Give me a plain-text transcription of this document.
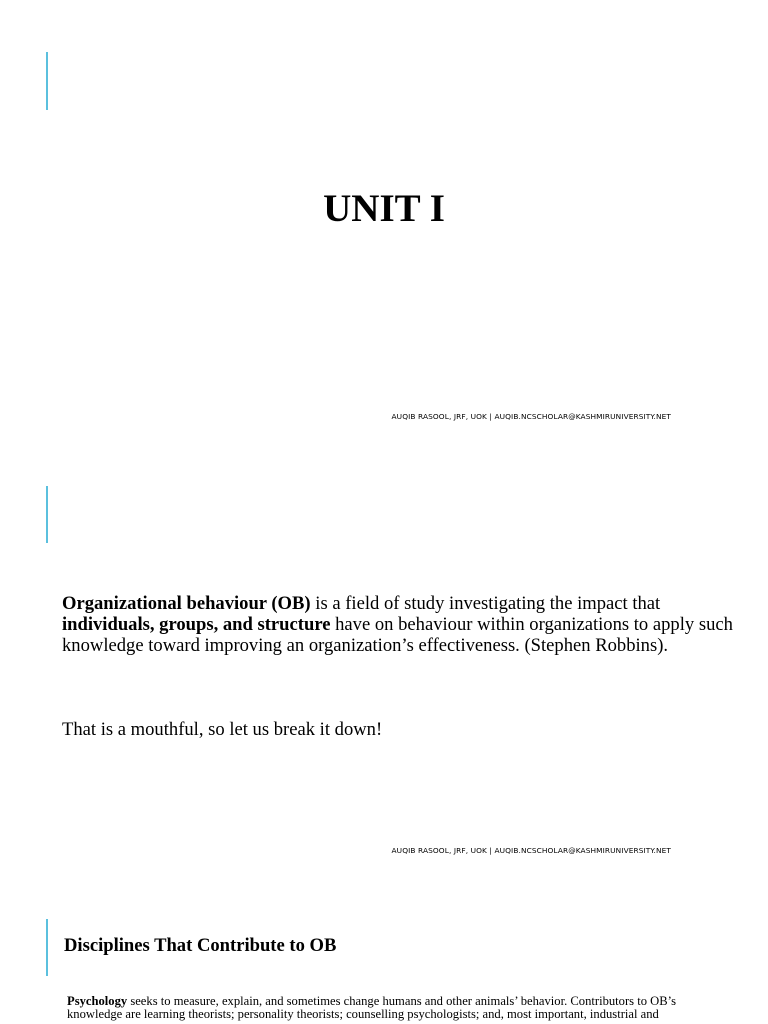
UNIT I
AUQIB RASOOL, JRF, UOK | AUQIB.NCSCHOLAR@KASHMIRUNIVERSITY.NET

Organizational behaviour (OB) is a field of study investigating the impact that individuals, groups, and structure have on behaviour within organizations to apply such knowledge toward improving an organization’s effectiveness. (Stephen Robbins).

That is a mouthful, so let us break it down!

AUQIB RASOOL, JRF, UOK | AUQIB.NCSCHOLAR@KASHMIRUNIVERSITY.NET
Disciplines That Contribute to OB

Psychology seeks to measure, explain, and sometimes change humans and other animals’ behavior. Contributors to OB’s knowledge are learning theorists; personality theorists; counselling psychologists; and, most important, industrial and
